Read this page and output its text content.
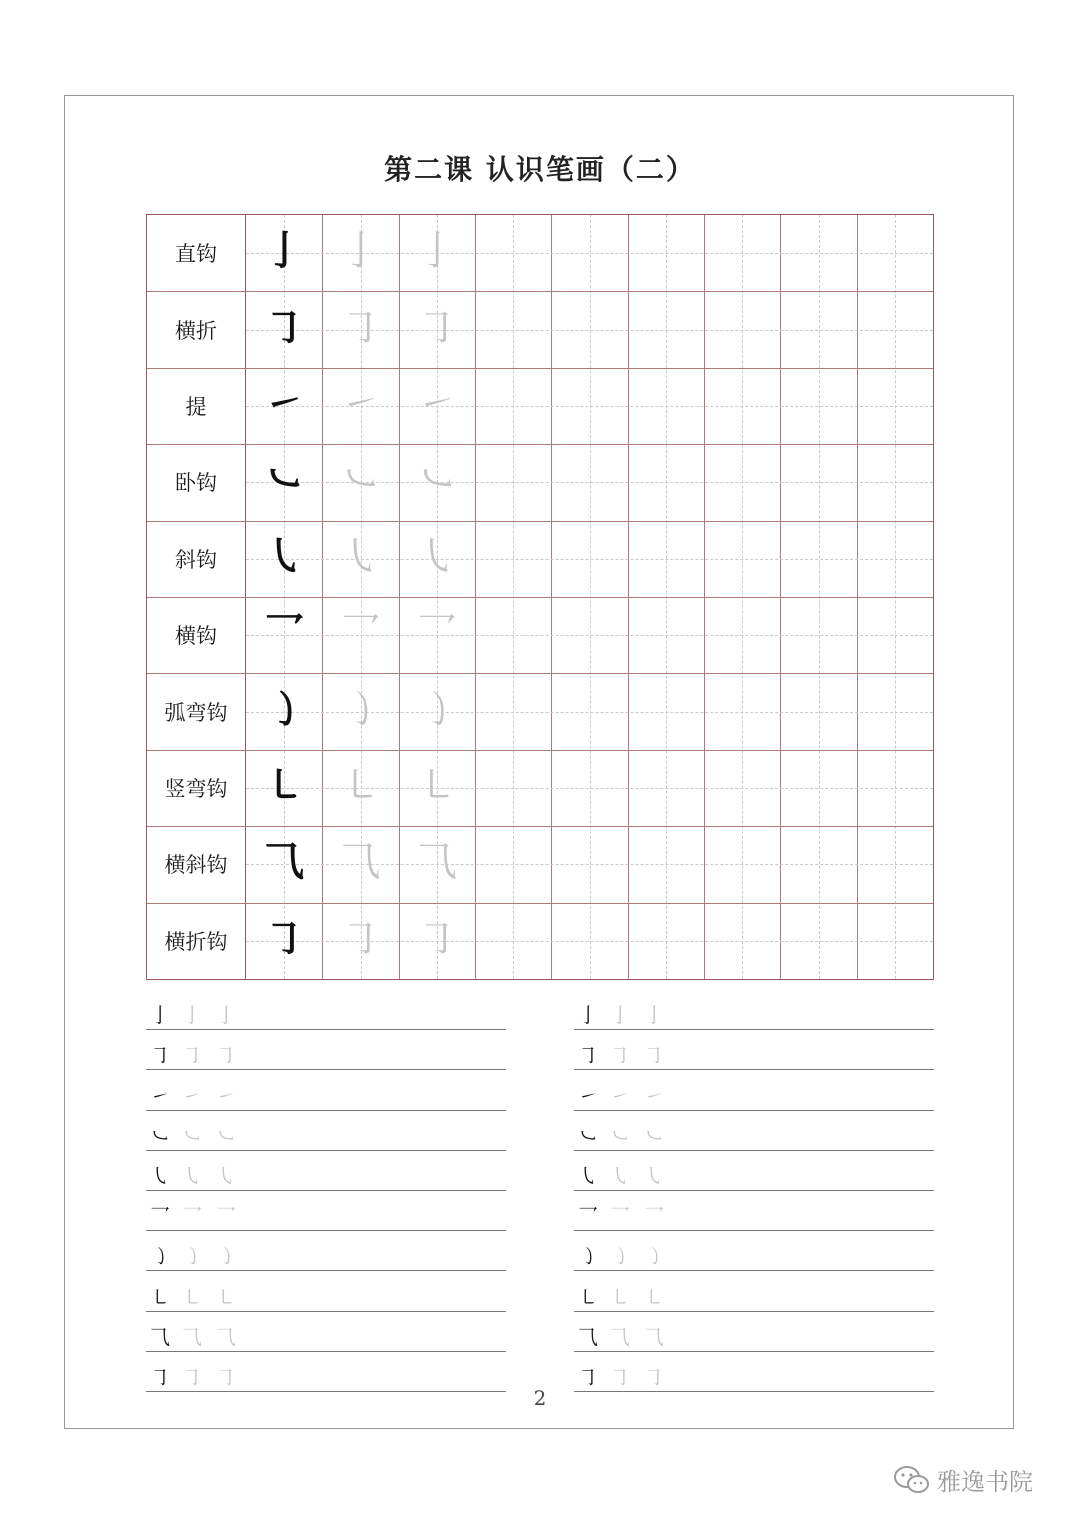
第二课 认识笔画（二）
直钩	亅 亅 亅
横折	㇆ ㇆ ㇆
提	㇀ ㇀ ㇀
卧钩	㇃ ㇃ ㇃
斜钩	㇂ ㇂ ㇂
横钩	乛 乛 乛
弧弯钩 ㇁ ㇁ ㇁
竖弯钩 ㇄ ㇄ ㇄
横斜钩 ⺄ ⺄ ⺄
横折钩 ㇆ ㇆ ㇆
亅 亅 亅
㇆ ㇆ ㇆
㇀ ㇀ ㇀
㇃ ㇃ ㇃
㇂ ㇂ ㇂
乛 乛 乛
㇁ ㇁ ㇁
㇄ ㇄ ㇄
⺄ ⺄ ⺄
㇆ ㇆ ㇆
亅 亅 亅
㇆ ㇆ ㇆
㇀ ㇀ ㇀
㇃ ㇃ ㇃
㇂ ㇂ ㇂
乛 乛 乛
㇁ ㇁ ㇁
㇄ ㇄ ㇄
⺄ ⺄ ⺄
㇆ ㇆ ㇆
2
雅逸书院
